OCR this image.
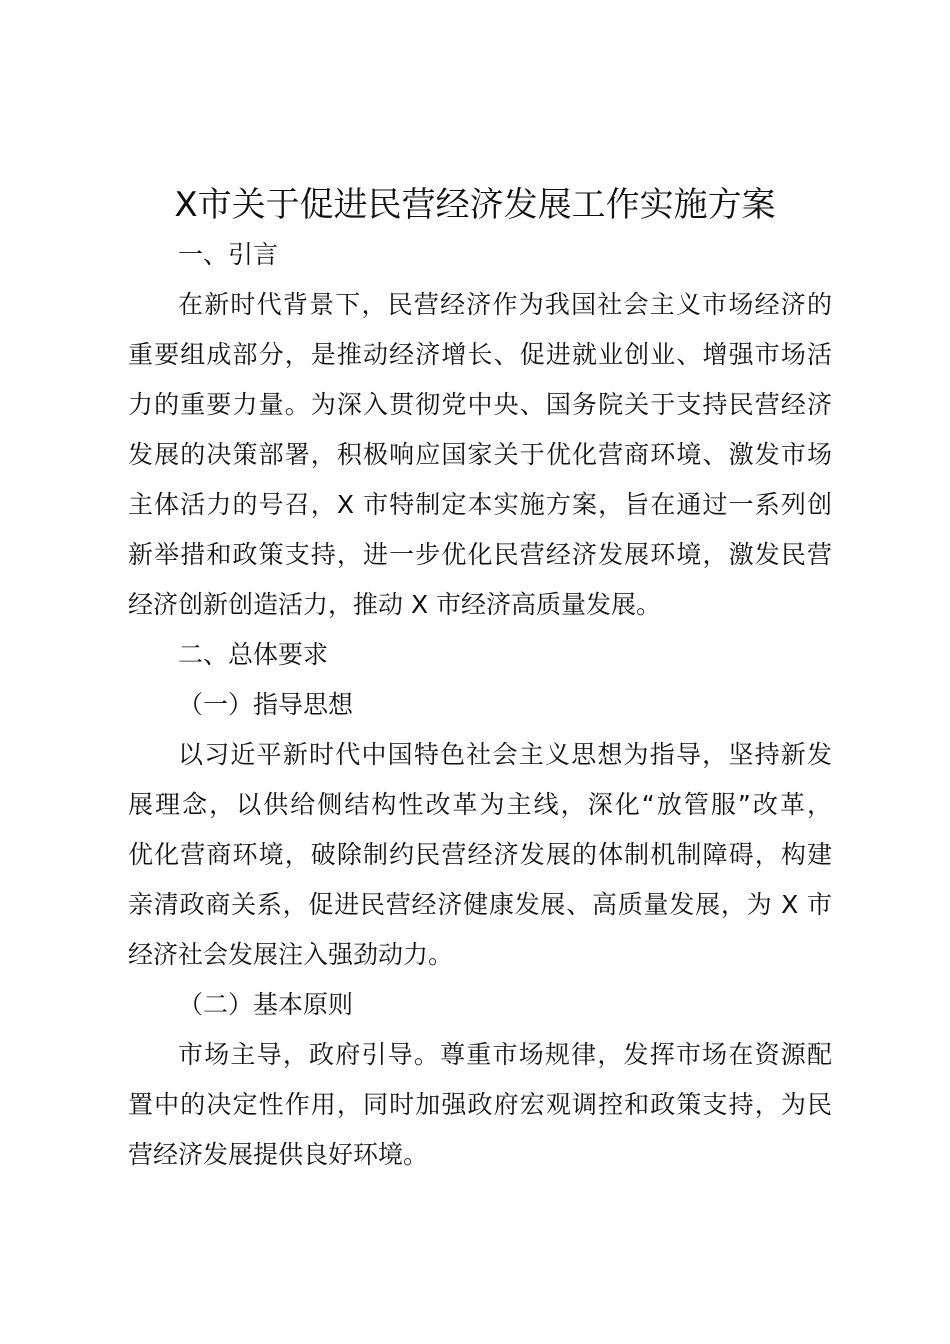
X市关于促进民营经济发展工作实施方案

一、引言

在新时代背景下，民营经济作为我国社会主义市场经济的
重要组成部分，是推动经济增长、促进就业创业、增强市场活
力的重要力量。为深入贯彻党中央、国务院关于支持民营经济
发展的决策部署，积极响应国家关于优化营商环境、激发市场
主体活力的号召，X 市特制定本实施方案，旨在通过一系列创
新举措和政策支持，进一步优化民营经济发展环境，激发民营
经济创新创造活力，推动 X 市经济高质量发展。

二、总体要求

（一）指导思想

以习近平新时代中国特色社会主义思想为指导，坚持新发
展理念，以供给侧结构性改革为主线，深化“放管服”改革，
优化营商环境，破除制约民营经济发展的体制机制障碍，构建
亲清政商关系，促进民营经济健康发展、高质量发展，为 X 市
经济社会发展注入强劲动力。

（二）基本原则

市场主导，政府引导。尊重市场规律，发挥市场在资源配
置中的决定性作用，同时加强政府宏观调控和政策支持，为民
营经济发展提供良好环境。
